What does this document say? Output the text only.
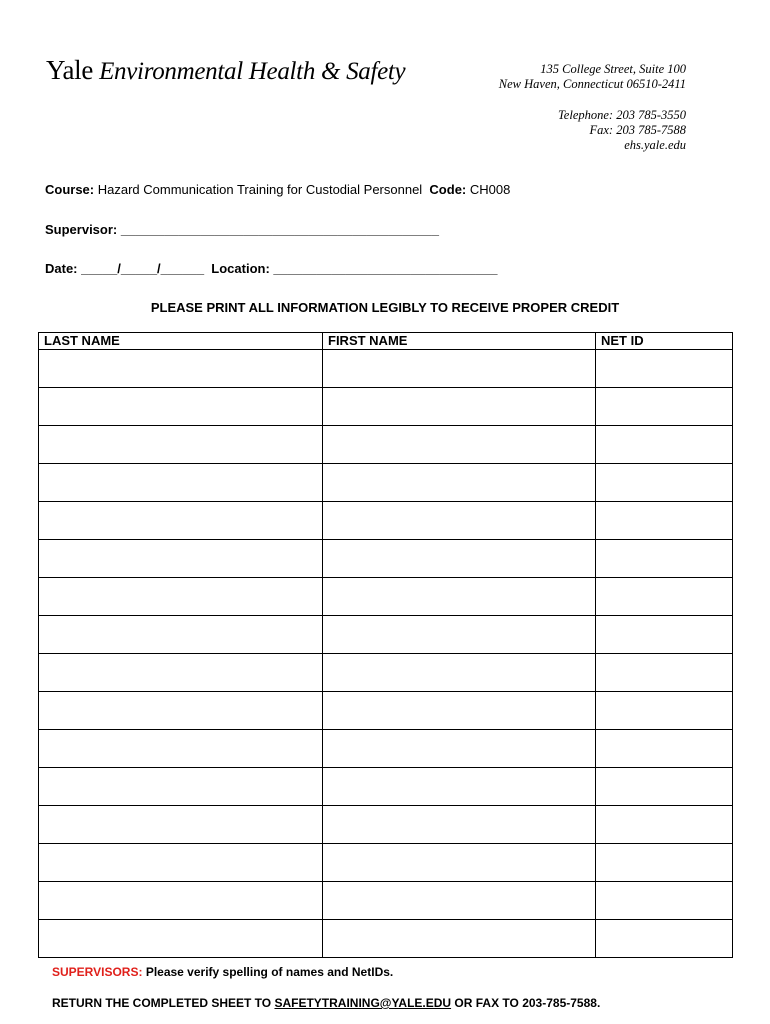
Yale Environmental Health & Safety	135 College Street, Suite 100
New Haven, Connecticut 06510-2411
Telephone: 203 785-3550
Fax: 203 785-7588
ehs.yale.edu
Course: Hazard Communication Training for Custodial Personnel Code: CH008
Supervisor: ____________________________________________
Date: _____/_____/______ Location: _______________________________
PLEASE PRINT ALL INFORMATION LEGIBLY TO RECEIVE PROPER CREDIT
LAST NAME	FIRST NAME	NET ID

SUPERVISORS: Please verify spelling of names and NetIDs.
RETURN THE COMPLETED SHEET TO SAFETYTRAINING@YALE.EDU OR FAX TO 203-785-7588.
